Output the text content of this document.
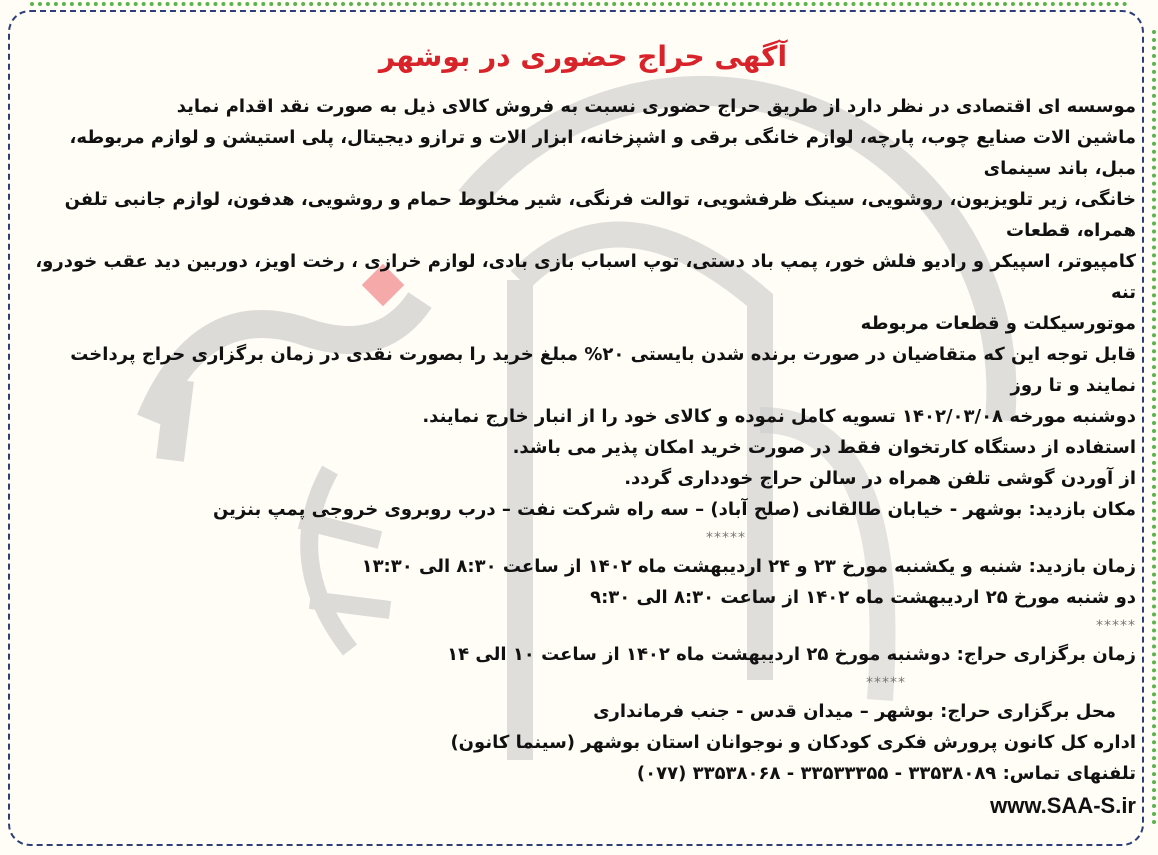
آگهی حراج حضوری در بوشهر
موسسه ای اقتصادی در نظر دارد از طریق حراج حضوری نسبت به فروش کالای ذیل به صورت نقد اقدام نماید
ماشین الات صنایع چوب، پارچه، لوازم خانگی برقی و اشپزخانه، ابزار الات و ترازو دیجیتال، پلی استیشن و لوازم مربوطه، مبل، باند سینمای
خانگی، زیر تلویزیون، روشویی، سینک ظرفشویی، توالت فرنگی، شیر مخلوط حمام و روشویی، هدفون، لوازم جانبی تلفن همراه، قطعات
کامپیوتر، اسپیکر و رادیو فلش خور، پمپ باد دستی، توپ اسباب بازی بادی، لوازم خرازی ، رخت اویز، دوربین دید عقب خودرو، تنه
موتورسیکلت و قطعات مربوطه
قابل توجه این که متقاضیان در صورت برنده شدن بایستی ۲۰% مبلغ خرید را بصورت نقدی در زمان برگزاری حراج پرداخت نمایند و تا روز
دوشنبه مورخه ۱۴۰۲/۰۳/۰۸ تسویه کامل نموده و کالای خود را از انبار خارج نمایند.
استفاده از دستگاه کارتخوان فقط در صورت خرید امکان پذیر می باشد.
از آوردن گوشی تلفن همراه در سالن حراج خودداری گردد.
مکان بازدید: بوشهر - خیابان طالقانی (صلح آباد) – سه راه شرکت نفت – درب روبروی خروجی پمپ بنزین
*****
زمان بازدید: شنبه و یکشنبه مورخ ۲۳ و ۲۴ اردیبهشت ماه ۱۴۰۲ از ساعت ۸:۳۰ الی ۱۳:۳۰
دو شنبه مورخ ۲۵ اردیبهشت ماه ۱۴۰۲ از ساعت ۸:۳۰ الی ۹:۳۰
*****
زمان برگزاری حراج: دوشنبه مورخ ۲۵ اردیبهشت ماه ۱۴۰۲ از ساعت ۱۰ الی ۱۴
*****
محل برگزاری حراج: بوشهر – میدان قدس - جنب فرمانداری
اداره کل کانون پرورش فکری کودکان و نوجوانان استان بوشهر (سینما کانون)
تلفنهای تماس: ۳۳۵۳۸۰۸۹ - ۳۳۵۳۳۳۵۵ - ۳۳۵۳۸۰۶۸ (۰۷۷)
www.SAA-S.ir
